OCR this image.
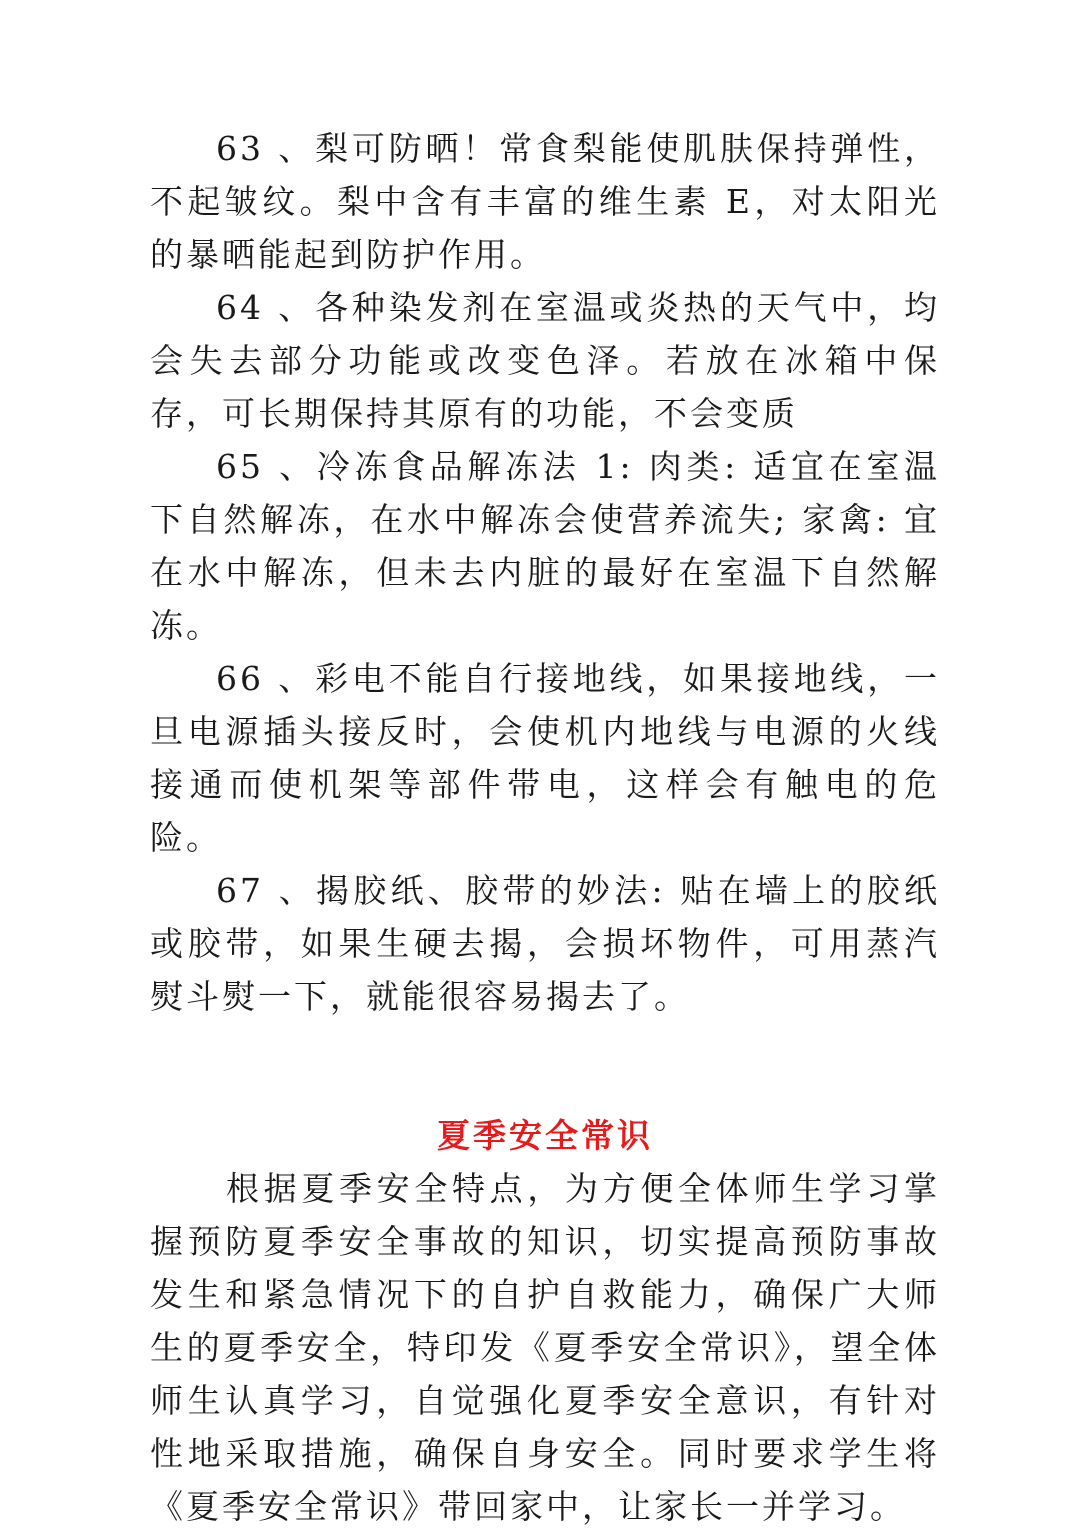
63 、梨可防晒！常食梨能使肌肤保持弹性，不起皱纹。梨中含有丰富的维生素 E，对太阳光的暴晒能起到防护作用。

64 、各种染发剂在室温或炎热的天气中，均会失去部分功能或改变色泽。若放在冰箱中保存，可长期保持其原有的功能，不会变质

65 、冷冻食品解冻法 1: 肉类: 适宜在室温下自然解冻，在水中解冻会使营养流失; 家禽: 宜在水中解冻，但未去内脏的最好在室温下自然解冻。

66 、彩电不能自行接地线，如果接地线，一旦电源插头接反时，会使机内地线与电源的火线接通而使机架等部件带电，这样会有触电的危险。

67 、揭胶纸、胶带的妙法: 贴在墙上的胶纸或胶带，如果生硬去揭，会损坏物件，可用蒸汽熨斗熨一下，就能很容易揭去了。

夏季安全常识

根据夏季安全特点，为方便全体师生学习掌握预防夏季安全事故的知识，切实提高预防事故发生和紧急情况下的自护自救能力，确保广大师生的夏季安全，特印发《夏季安全常识》，望全体师生认真学习，自觉强化夏季安全意识，有针对性地采取措施，确保自身安全。同时要求学生将《夏季安全常识》带回家中，让家长一并学习。
